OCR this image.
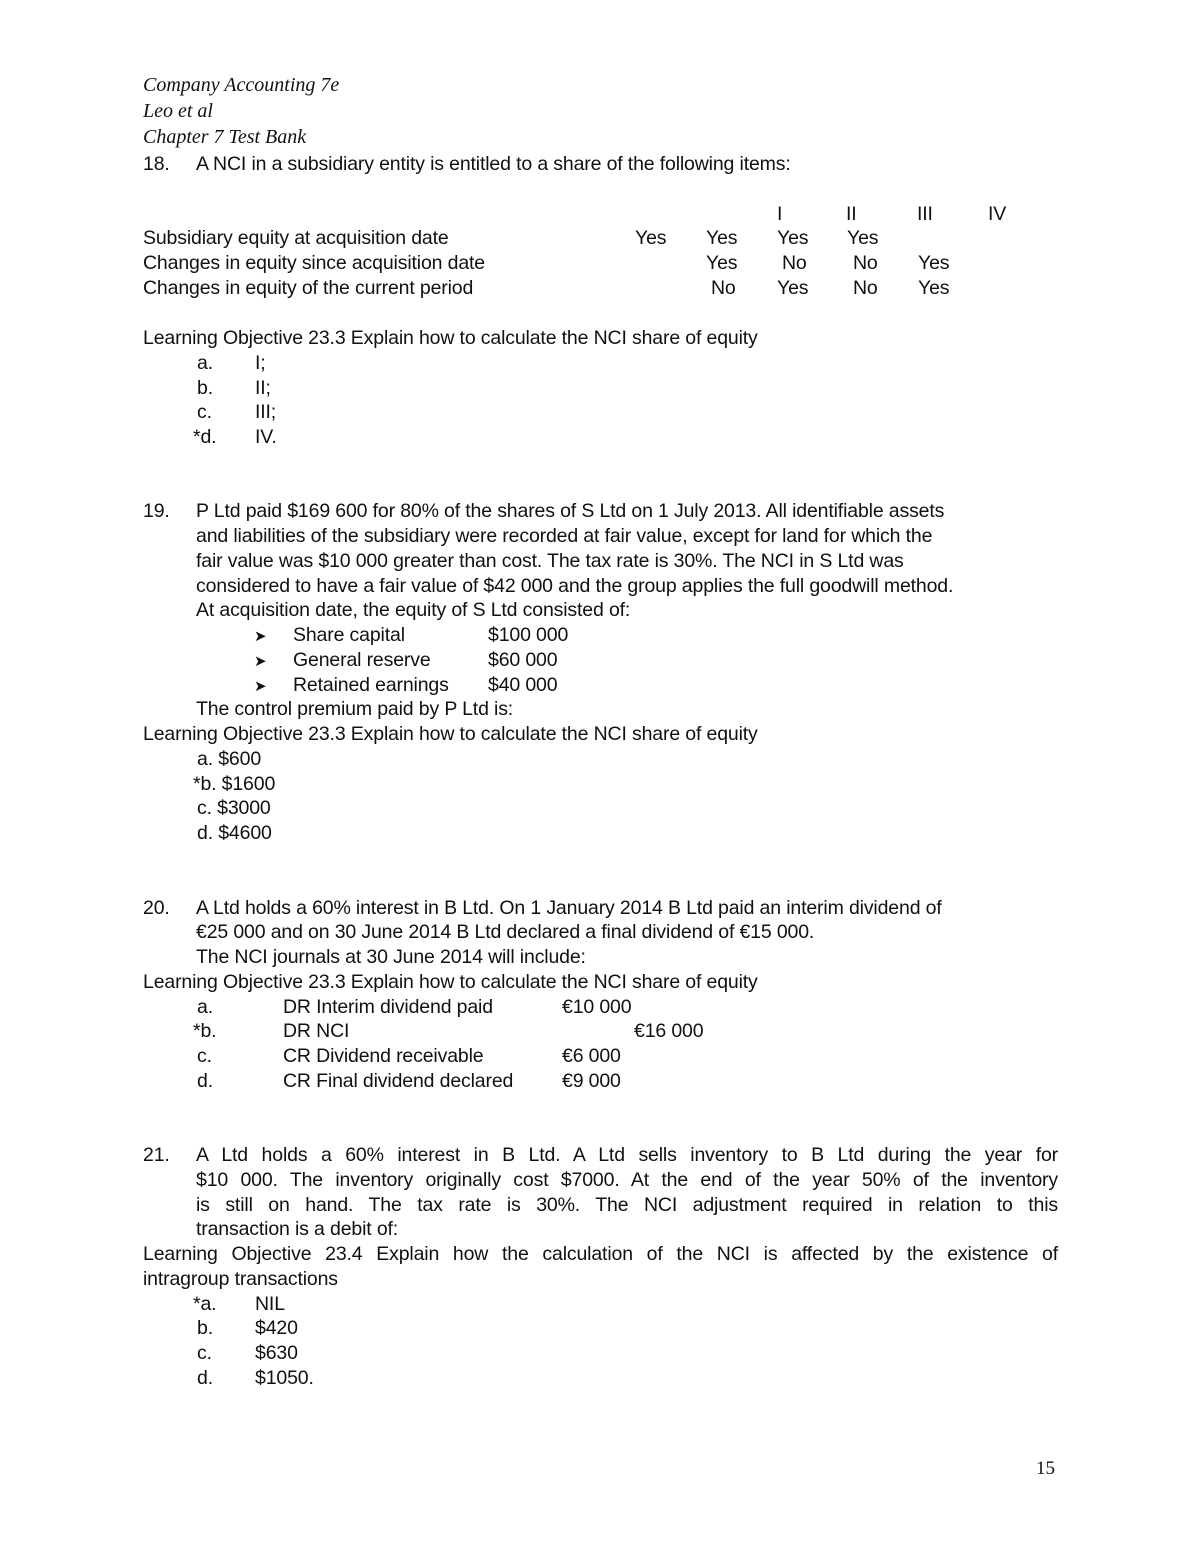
Company Accounting 7e
Leo et al
Chapter 7 Test Bank
18. A NCI in a subsidiary entity is entitled to a share of the following items:
I	II	III	IV
Subsidiary equity at acquisition date	Yes Yes Yes Yes
Changes in equity since acquisition date	Yes No No Yes
Changes in equity of the current period	No Yes No Yes
Learning Objective 23.3 Explain how to calculate the NCI share of equity
a. I;
b. II;
c. III;
*d. IV.
19. P Ltd paid $169 600 for 80% of the shares of S Ltd on 1 July 2013. All identifiable assets
and liabilities of the subsidiary were recorded at fair value, except for land for which the
fair value was $10 000 greater than cost. The tax rate is 30%. The NCI in S Ltd was
considered to have a fair value of $42 000 and the group applies the full goodwill method.
At acquisition date, the equity of S Ltd consisted of:
➤ Share capital	$100 000
➤ General reserve	$60 000
➤ Retained earnings $40 000
The control premium paid by P Ltd is:
Learning Objective 23.3 Explain how to calculate the NCI share of equity
a. $600
*b. $1600
c. $3000
d. $4600
20. A Ltd holds a 60% interest in B Ltd. On 1 January 2014 B Ltd paid an interim dividend of
€25 000 and on 30 June 2014 B Ltd declared a final dividend of €15 000.
The NCI journals at 30 June 2014 will include:
Learning Objective 23.3 Explain how to calculate the NCI share of equity
a.	DR Interim dividend paid	€10 000
*b.	DR NCI	€16 000
c.	CR Dividend receivable	€6 000
d.	CR Final dividend declared	€9 000
21. A Ltd holds a 60% interest in B Ltd. A Ltd sells inventory to B Ltd during the year for
$10 000. The inventory originally cost $7000. At the end of the year 50% of the inventory
is still on hand. The tax rate is 30%. The NCI adjustment required in relation to this
transaction is a debit of:
Learning Objective 23.4 Explain how the calculation of the NCI is affected by the existence of
intragroup transactions
*a. NIL
b. $420
c. $630
d. $1050.
15
